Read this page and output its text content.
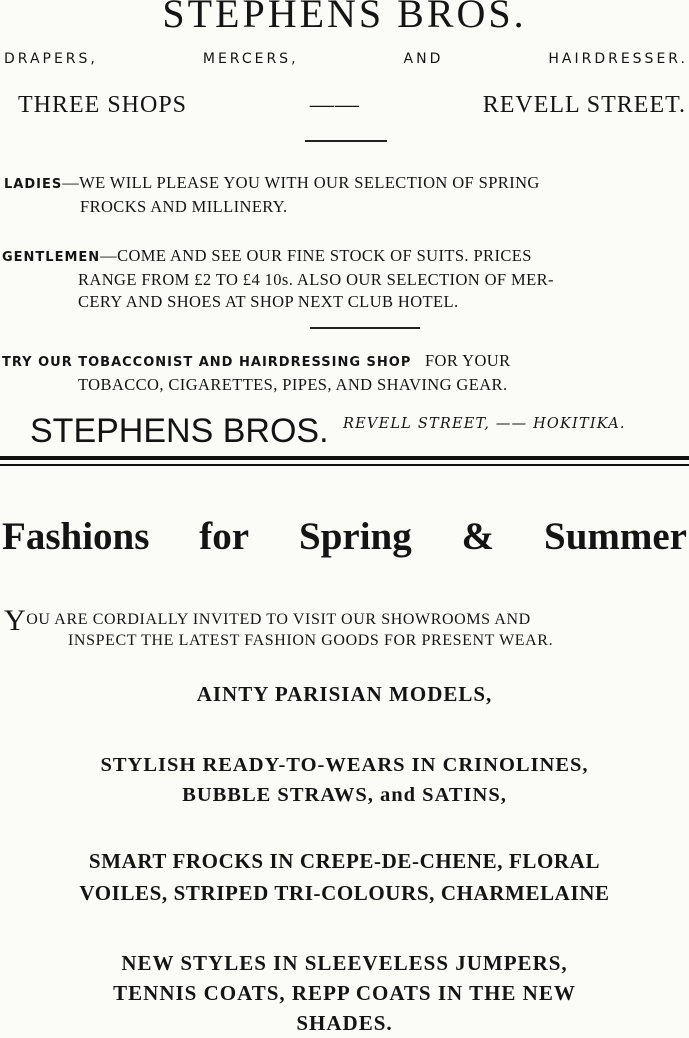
STEPHENS BROS.
DRAPERS,	MERCERS,	AND	HAIRDRESSER.
THREE SHOPS	——	REVELL STREET.
LADIES—WE WILL PLEASE YOU WITH OUR SELECTION OF SPRING
FROCKS AND MILLINERY.
GENTLEMEN—COME AND SEE OUR FINE STOCK OF SUITS. PRICES
RANGE FROM £2 TO £4 10s. ALSO OUR SELECTION OF MER-
CERY AND SHOES AT SHOP NEXT CLUB HOTEL.
TRY OUR TOBACCONIST AND HAIRDRESSING SHOP FOR YOUR
TOBACCO, CIGARETTES, PIPES, AND SHAVING GEAR.
STEPHENS BROS. REVELL STREET, —— HOKITIKA.
Fashions for Spring & Summer
YOU ARE CORDIALLY INVITED TO VISIT OUR SHOWROOMS AND
INSPECT THE LATEST FASHION GOODS FOR PRESENT WEAR.
AINTY PARISIAN MODELS,
STYLISH READY-TO-WEARS IN CRINOLINES,
BUBBLE STRAWS, and SATINS,
SMART FROCKS IN CREPE-DE-CHENE, FLORAL
VOILES, STRIPED TRI-COLOURS, CHARMELAINE
NEW STYLES IN SLEEVELESS JUMPERS,
TENNIS COATS, REPP COATS IN THE NEW
SHADES.
